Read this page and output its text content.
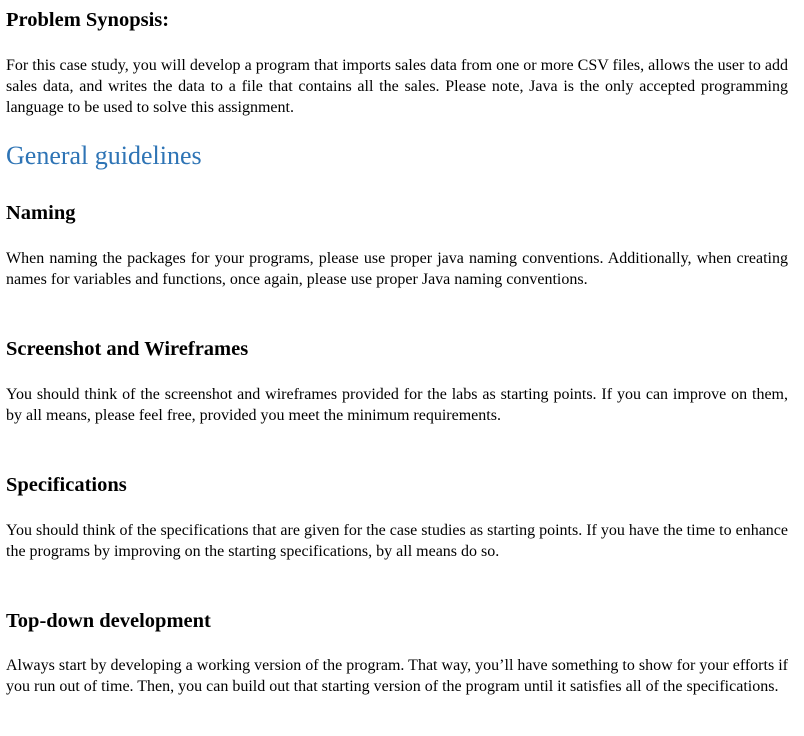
Problem Synopsis:

For this case study, you will develop a program that imports sales data from one or more CSV files, allows the user to add sales data, and writes the data to a file that contains all the sales. Please note, Java is the only accepted programming language to be used to solve this assignment.

General guidelines
Naming

When naming the packages for your programs, please use proper java naming conventions. Additionally, when creating names for variables and functions, once again, please use proper Java naming conventions.

Screenshot and Wireframes

You should think of the screenshot and wireframes provided for the labs as starting points. If you can improve on them, by all means, please feel free, provided you meet the minimum requirements.

Specifications

You should think of the specifications that are given for the case studies as starting points. If you have the time to enhance the programs by improving on the starting specifications, by all means do so.

Top-down development

Always start by developing a working version of the program. That way, you’ll have something to show for your efforts if you run out of time. Then, you can build out that starting version of the program until it satisfies all of the specifications.
